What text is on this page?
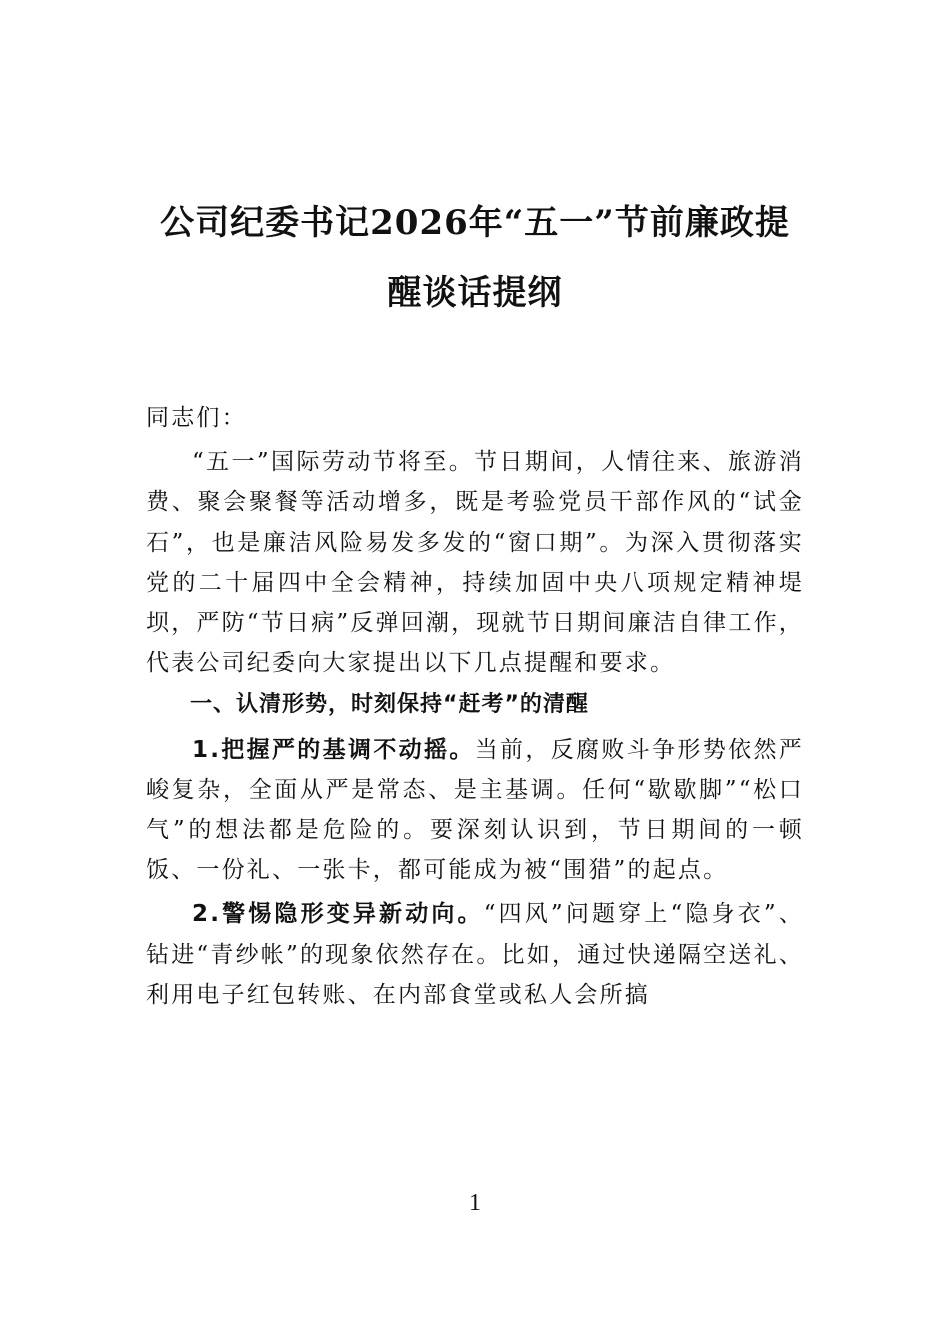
公司纪委书记2026年“五一”节前廉政提
醒谈话提纲

同志们：

“五一”国际劳动节将至。节日期间，人情往来、旅游消费、聚会聚餐等活动增多，既是考验党员干部作风的“试金石”，也是廉洁风险易发多发的“窗口期”。为深入贯彻落实党的二十届四中全会精神，持续加固中央八项规定精神堤坝，严防“节日病”反弹回潮，现就节日期间廉洁自律工作，代表公司纪委向大家提出以下几点提醒和要求。

一、认清形势，时刻保持“赶考”的清醒

1.把握严的基调不动摇。当前，反腐败斗争形势依然严峻复杂，全面从严是常态、是主基调。任何“歇歇脚”“松口气”的想法都是危险的。要深刻认识到，节日期间的一顿饭、一份礼、一张卡，都可能成为被“围猎”的起点。

2.警惕隐形变异新动向。“四风”问题穿上“隐身衣”、钻进“青纱帐”的现象依然存在。比如，通过快递隔空送礼、利用电子红包转账、在内部食堂或私人会所搞

1
